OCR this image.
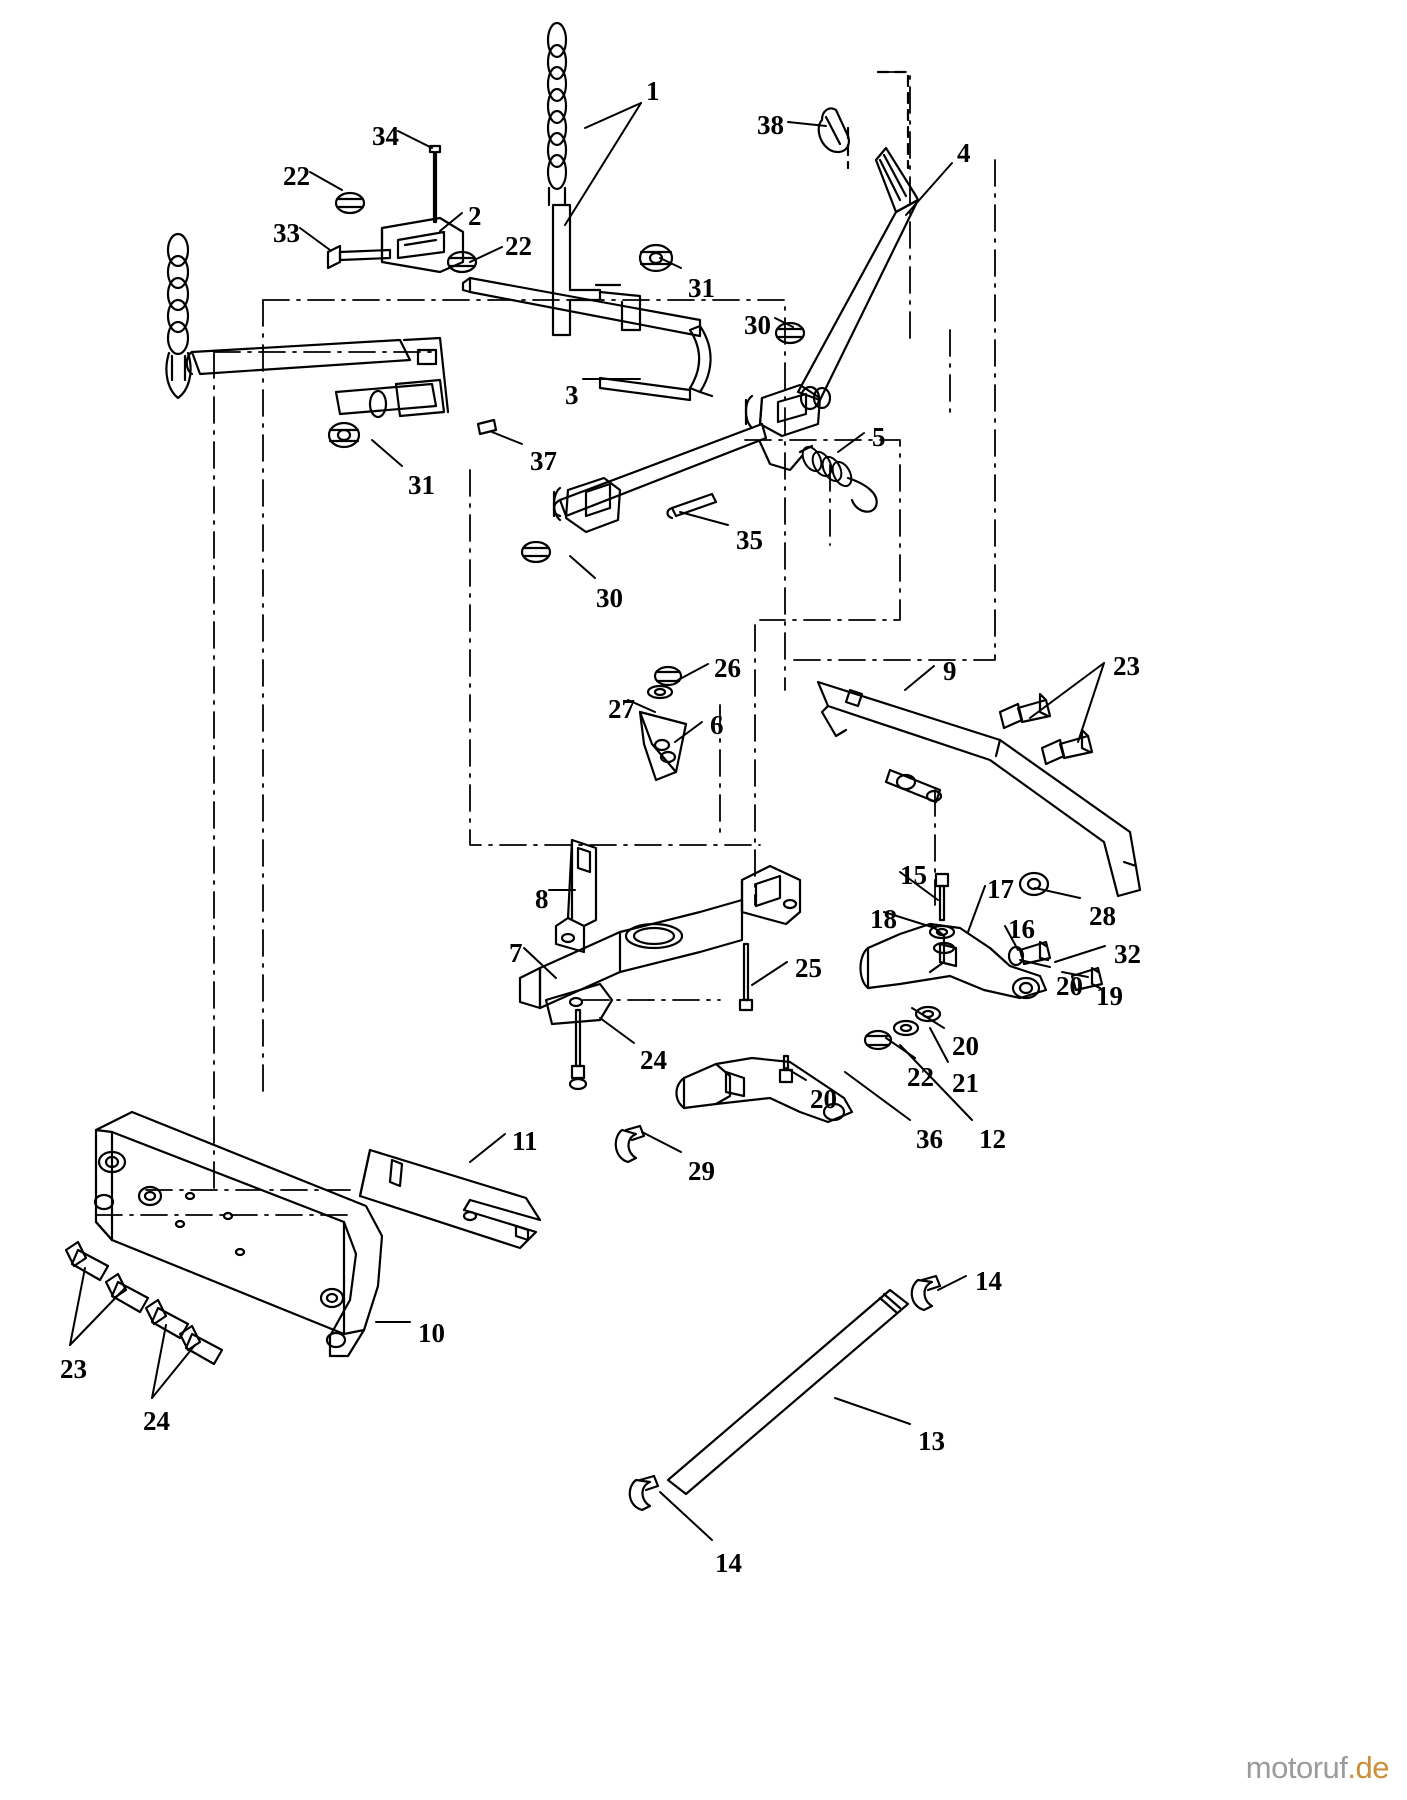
1
34	38
4
22
2
33	22
31
30
3
5
37
31
35
30
26	9	23
27
6
15 17
28
18	16
8
32
7
19
20
25
20
22 21
24
20
36 12
11
29
14
10
23
13
24
14
motoruf.de
